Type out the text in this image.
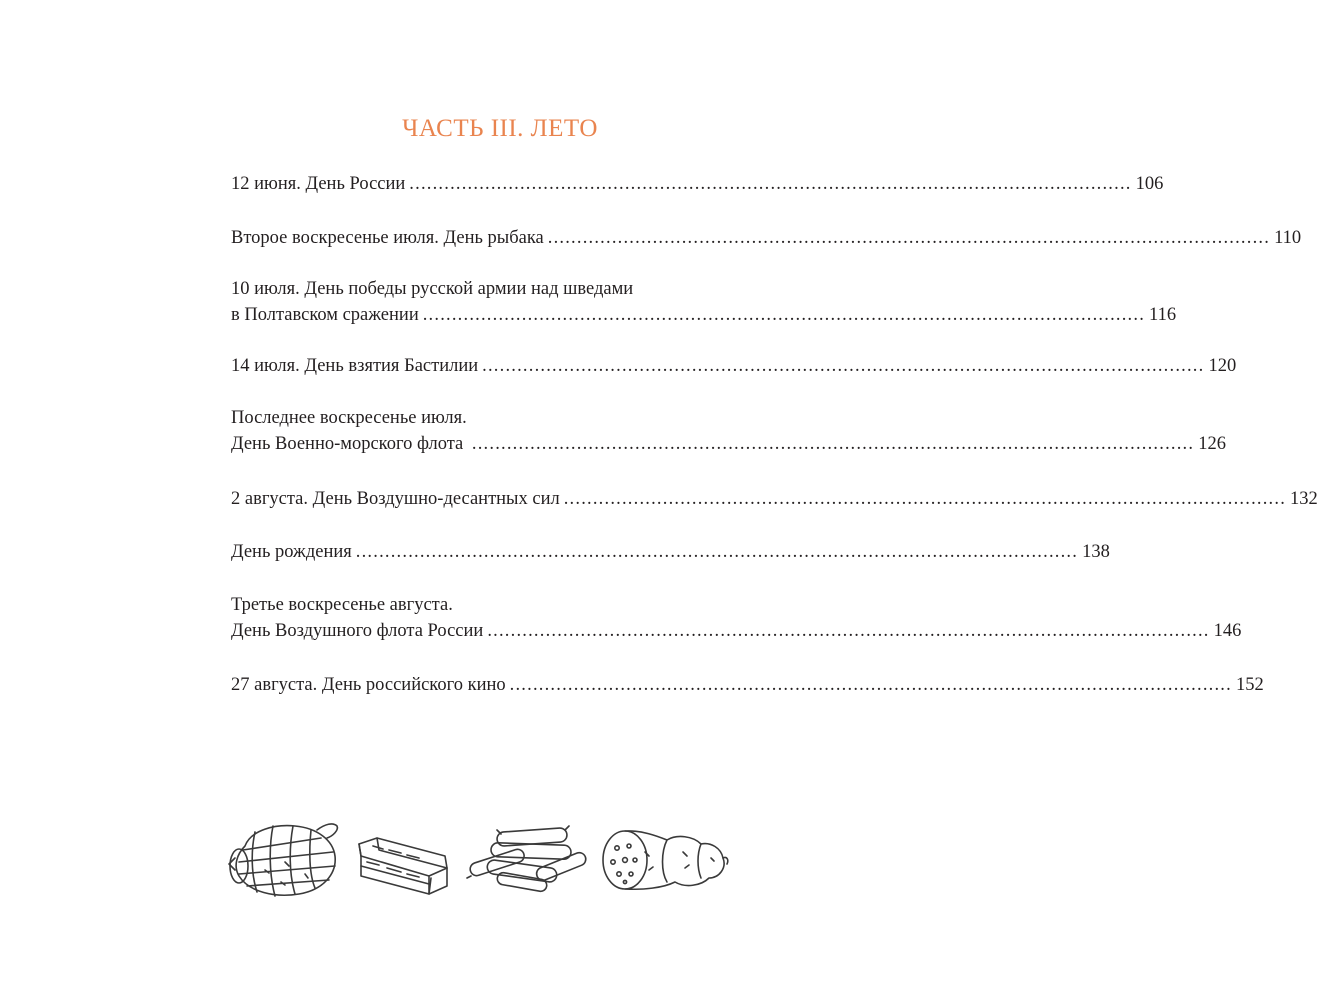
ЧАСТЬ III. ЛЕТО
12 июня. День России ............................................................................................................................ 106
Второе воскресенье июля. День рыбака ............................................................................................................................ 110
10 июля. День победы русской армии над шведами
в Полтавском сражении ............................................................................................................................ 116
14 июля. День взятия Бастилии ............................................................................................................................ 120
Последнее воскресенье июля.
День Военно-морского флота ............................................................................................................................ 126
2 августа. День Воздушно-десантных сил ............................................................................................................................ 132
День рождения ............................................................................................................................ 138
Третье воскресенье августа.
День Воздушного флота России ............................................................................................................................ 146
27 августа. День российского кино ............................................................................................................................ 152
